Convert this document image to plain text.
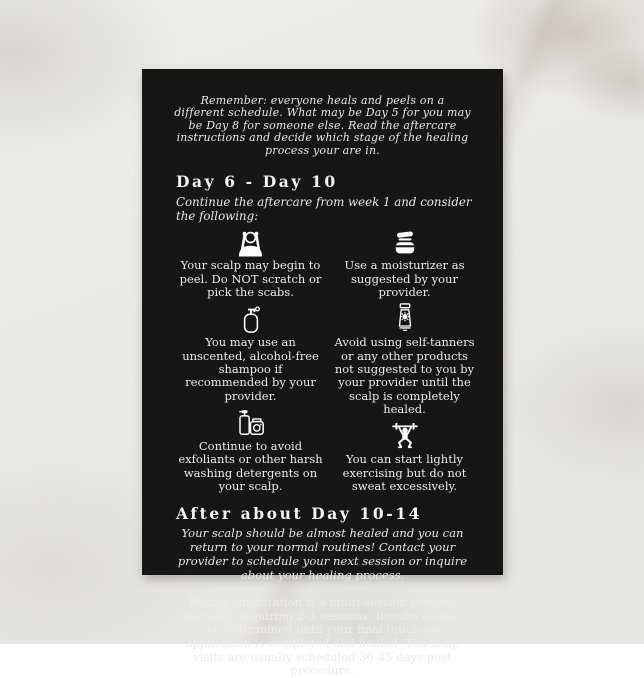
Remember: everyone heals and peels on a different schedule. What may be Day 5 for you may be Day 8 for someone else. Read the aftercare instructions and decide which stage of the healing process your are in.
Day 6 - Day 10
Continue the aftercare from week 1 and consider the following:
Your scalp may begin to peel. Do NOT scratch or pick the scabs.
You may use an unscented, alcohol-free shampoo if recommended by your provider.
Continue to avoid exfoliants or other harsh washing detergents on your scalp.
Use a moisturizer as suggested by your provider.
Avoid using self-tanners or any other products not suggested to you by your provider until the scalp is completely healed.
You can start lightly exercising but do not sweat excessively.
After about Day 10-14
Your scalp should be almost healed and you can return to your normal routines! Contact your provider to schedule your next session or inquire about your healing process.
Micropigmentation is a multi-session process normally requiring 2-3 sessions. Results cannot be determined until your final touch-up application is completed and healed. Touch-up visits are usually scheduled 30-45 days post procedure.
